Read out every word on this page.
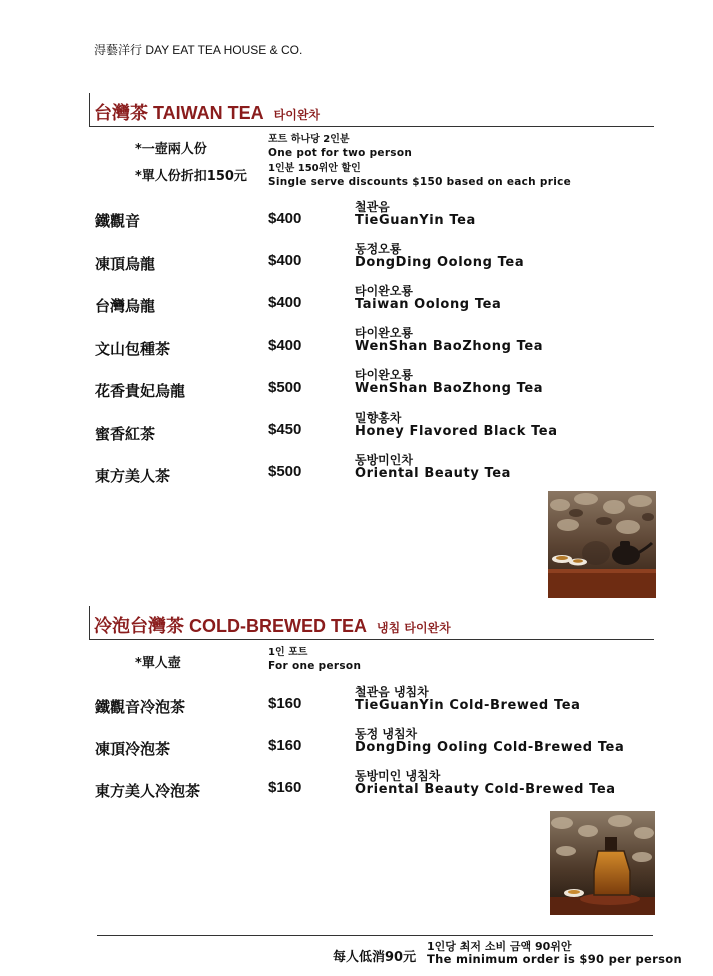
淂藝洋行 DAY EAT TEA HOUSE & CO.
台灣茶 TAIWAN TEA 타이완차
*一壺兩人份
포트 하나당 2인분
One pot for two person
*單人份折扣150元
1인분 150위안 할인
Single serve discounts $150 based on each price
鐵觀音	$400
철관음
TieGuanYin Tea
凍頂烏龍	$400
동정오룡
DongDing Oolong Tea
台灣烏龍	$400
타이완오룡
Taiwan Oolong Tea
文山包種茶	$400
타이완오룡
WenShan BaoZhong Tea
花香貴妃烏龍	$500
타이완오룡
WenShan BaoZhong Tea
蜜香紅茶	$450
밀향홍차
Honey Flavored Black Tea
東方美人茶	$500
동방미인차
Oriental Beauty Tea
冷泡台灣茶 COLD-BREWED TEA 냉침 타이완차
*單人壺
1인 포트
For one person
鐵觀音冷泡茶	$160
철관음 냉침차
TieGuanYin Cold-Brewed Tea
凍頂冷泡茶	$160
동정 냉침차
DongDing Ooling Cold-Brewed Tea
東方美人冷泡茶	$160
동방미인 냉침차
Oriental Beauty Cold-Brewed Tea
每人低消90元
1인당 최저 소비 금액 90위안
The minimum order is $90 per person
